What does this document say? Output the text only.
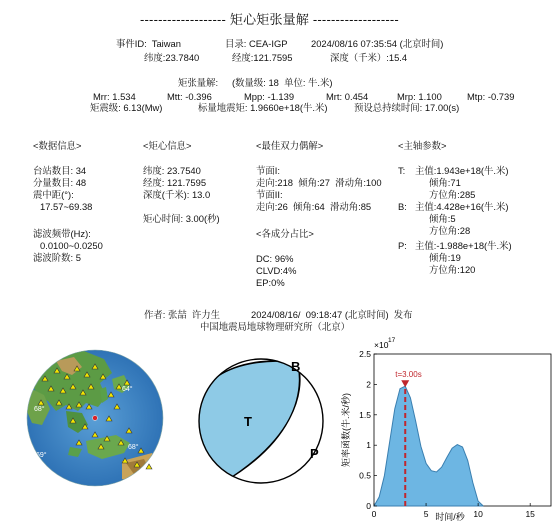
------------------- 矩心矩张量解 -------------------
事件ID:  Taiwan	目录: CEA-IGP 2024/08/16 07:35:54 (北京时间)
纬度:23.7840	经度:121.7595	深度（千米）:15.4
矩张量解: (数量级: 18  单位: 牛.米)
Mrr: 1.534	Mtt: -0.396	Mpp: -1.139	Mrt: 0.454	Mrp: 1.100	Mtp: -0.739
矩震级: 6.13(Mw)	标量地震矩: 1.9660e+18(牛.米)	预设总持续时间: 17.00(s)
<数据信息>
台站数目: 34
分量数目: 48
震中距(°):
17.57~69.38
滤波频带(Hz):
0.0100~0.0250
滤波阶数: 5
<矩心信息>
纬度: 23.7540
经度: 121.7595
深度(千米): 13.0
矩心时间: 3.00(秒)
<最佳双力偶解>
节面I:
走向:218  倾角:27  滑动角:100
节面II:
走向:26  倾角:64  滑动角:85
<各成分占比>
DC: 96%
CLVD:4%
EP:0%
<主轴参数>
T: 主值:1.943e+18(牛.米)
倾角:71
方位角:285
B: 主值:4.428e+16(牛.米)
倾角:5
方位角:28
P: 主值:-1.988e+18(牛.米)
倾角:19
方位角:120
作者: 张喆  许力生	2024/08/16/  09:18:47 (北京时间)  发布
中国地震局地球物理研究所（北京）
64°
68°
69°
68°
T
P
B
t=3.00s
0	5	10	15
0
0.5
1
1.5
2
2.5
×10 17
时间/秒
矩率函数(牛.米/秒)
